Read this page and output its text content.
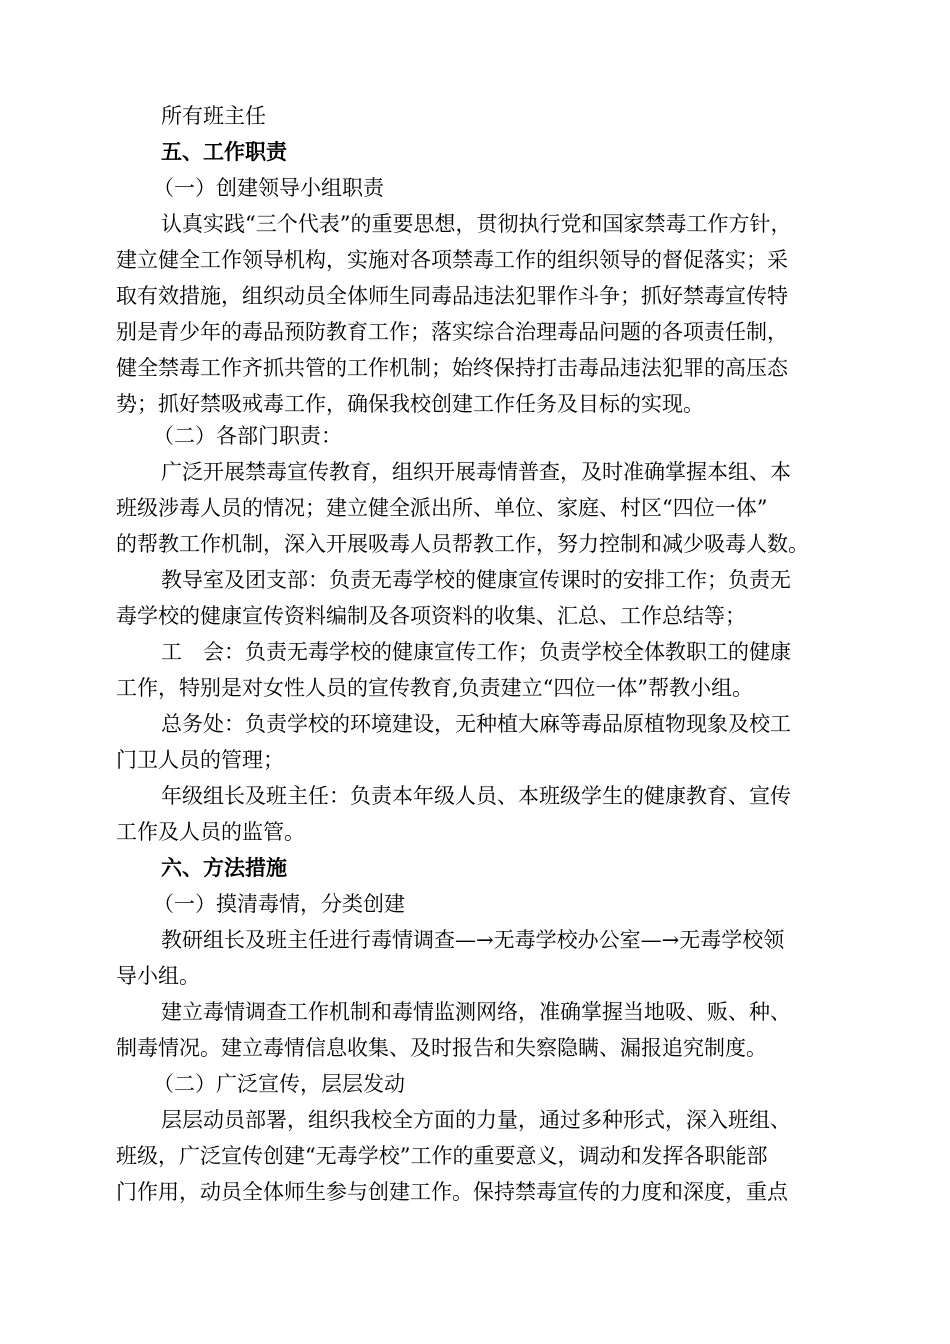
所有班主任
五、工作职责
（一）创建领导小组职责
认真实践“三个代表”的重要思想，贯彻执行党和国家禁毒工作方针，
建立健全工作领导机构，实施对各项禁毒工作的组织领导的督促落实；采
取有效措施，组织动员全体师生同毒品违法犯罪作斗争；抓好禁毒宣传特
别是青少年的毒品预防教育工作；落实综合治理毒品问题的各项责任制，
健全禁毒工作齐抓共管的工作机制；始终保持打击毒品违法犯罪的高压态
势；抓好禁吸戒毒工作，确保我校创建工作任务及目标的实现。
（二）各部门职责：
广泛开展禁毒宣传教育，组织开展毒情普查，及时准确掌握本组、本
班级涉毒人员的情况；建立健全派出所、单位、家庭、村区“四位一体”
的帮教工作机制，深入开展吸毒人员帮教工作，努力控制和减少吸毒人数。
教导室及团支部：负责无毒学校的健康宣传课时的安排工作；负责无
毒学校的健康宣传资料编制及各项资料的收集、汇总、工作总结等；
工　会：负责无毒学校的健康宣传工作；负责学校全体教职工的健康
工作，特别是对女性人员的宣传教育,负责建立“四位一体”帮教小组。
总务处：负责学校的环境建设，无种植大麻等毒品原植物现象及校工
门卫人员的管理；
年级组长及班主任：负责本年级人员、本班级学生的健康教育、宣传
工作及人员的监管。
六、方法措施
（一）摸清毒情，分类创建
教研组长及班主任进行毒情调查—→无毒学校办公室—→无毒学校领
导小组。
建立毒情调查工作机制和毒情监测网络，准确掌握当地吸、贩、种、
制毒情况。建立毒情信息收集、及时报告和失察隐瞒、漏报追究制度。
（二）广泛宣传，层层发动
层层动员部署，组织我校全方面的力量，通过多种形式，深入班组、
班级，广泛宣传创建“无毒学校”工作的重要意义，调动和发挥各职能部
门作用，动员全体师生参与创建工作。保持禁毒宣传的力度和深度，重点
